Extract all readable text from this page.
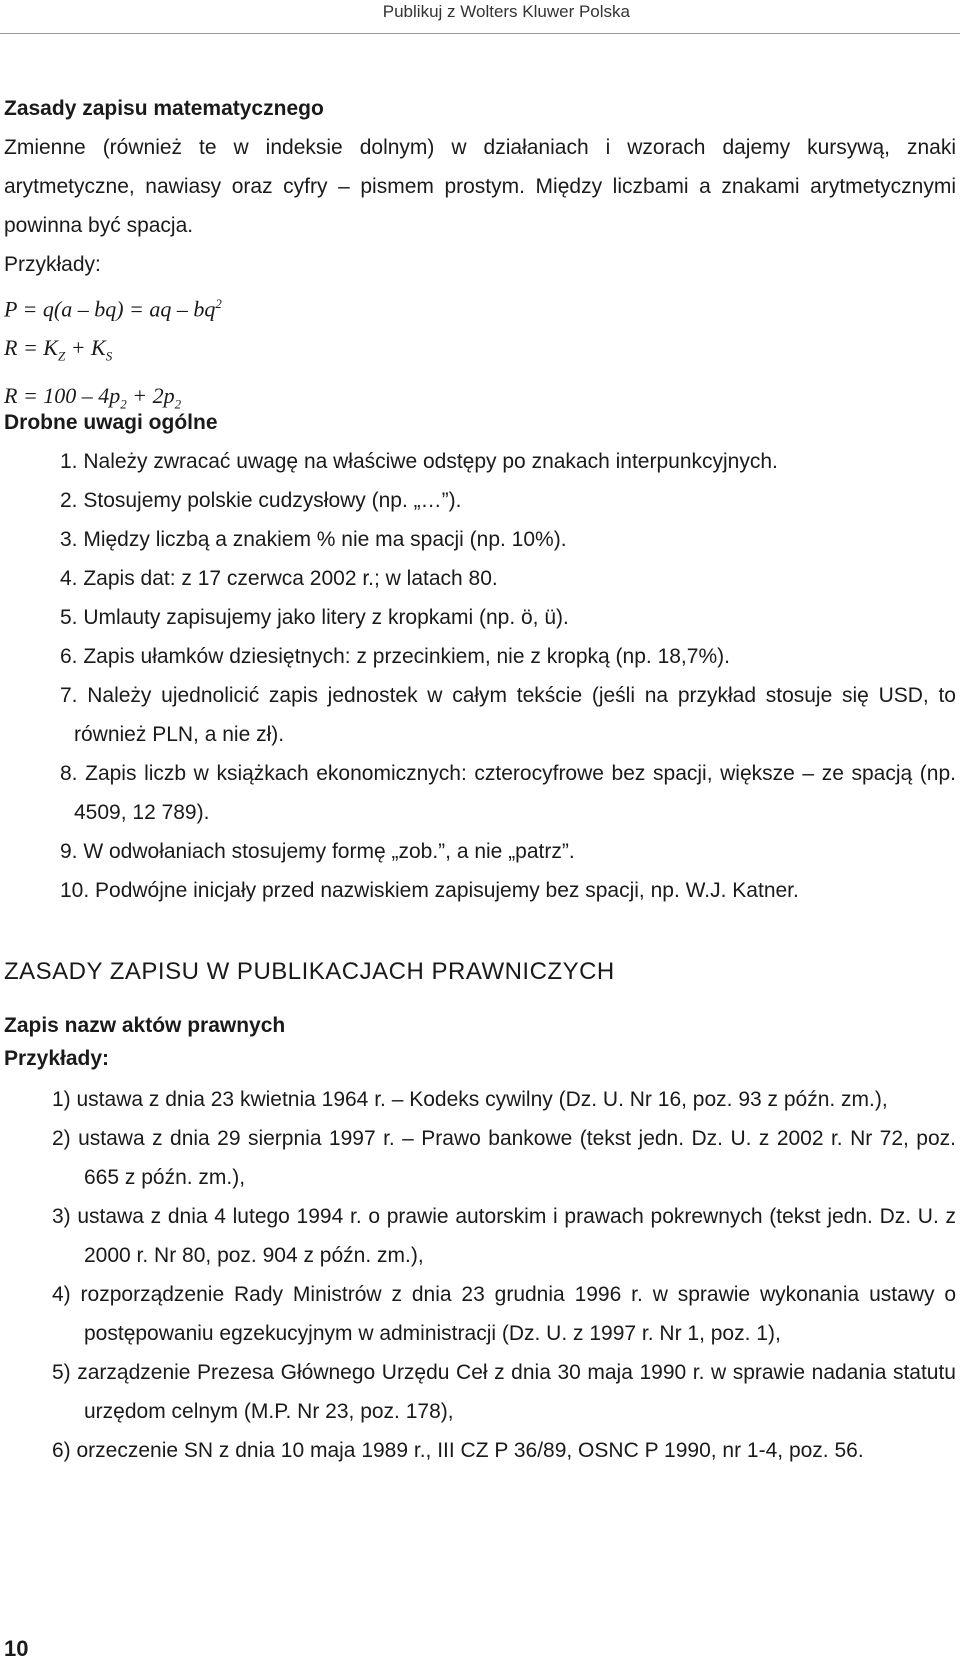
Publikuj z Wolters Kluwer Polska

Zasady zapisu matematycznego

Zmienne (również te w indeksie dolnym) w działaniach i wzorach dajemy kursywą, znaki arytmetyczne, nawiasy oraz cyfry – pismem prostym. Między liczbami a znakami arytmetycznymi powinna być spacja.

Przykłady:

P = q(a – bq) = aq – $bq^2$

$R = K_Z + K_S$

$R = 100 - 4p_2 + 2p_2$

Drobne uwagi ogólne

1. Należy zwracać uwagę na właściwe odstępy po znakach interpunkcyjnych.
2. Stosujemy polskie cudzysłowy (np. „…”).
3. Między liczbą a znakiem % nie ma spacji (np. 10%).
4. Zapis dat: z 17 czerwca 2002 r.; w latach 80.
5. Umlauty zapisujemy jako litery z kropkami (np. ö, ü).
6. Zapis ułamków dziesiętnych: z przecinkiem, nie z kropką (np. 18,7%).
7. Należy ujednolicić zapis jednostek w całym tekście (jeśli na przykład stosuje się USD, to również PLN, a nie zł).
8. Zapis liczb w książkach ekonomicznych: czterocyfrowe bez spacji, większe – ze spacją (np. 4509, 12 789).
9. W odwołaniach stosujemy formę „zob.”, a nie „patrz”.
10. Podwójne inicjały przed nazwiskiem zapisujemy bez spacji, np. W.J. Katner.

ZASADY ZAPISU W PUBLIKACJACH PRAWNICZYCH

Zapis nazw aktów prawnych

Przykłady:

1) ustawa z dnia 23 kwietnia 1964 r. – Kodeks cywilny (Dz. U. Nr 16, poz. 93 z późn. zm.),
2) ustawa z dnia 29 sierpnia 1997 r. – Prawo bankowe (tekst jedn. Dz. U. z 2002 r. Nr 72, poz. 665 z późn. zm.),
3) ustawa z dnia 4 lutego 1994 r. o prawie autorskim i prawach pokrewnych (tekst jedn. Dz. U. z 2000 r. Nr 80, poz. 904 z późn. zm.),
4) rozporządzenie Rady Ministrów z dnia 23 grudnia 1996 r. w sprawie wykonania ustawy o postępowaniu egzekucyjnym w administracji (Dz. U. z 1997 r. Nr 1, poz. 1),
5) zarządzenie Prezesa Głównego Urzędu Ceł z dnia 30 maja 1990 r. w sprawie nadania statutu urzędom celnym (M.P. Nr 23, poz. 178),
6) orzeczenie SN z dnia 10 maja 1989 r., III CZ P 36/89, OSNC P 1990, nr 1-4, poz. 56.
10
